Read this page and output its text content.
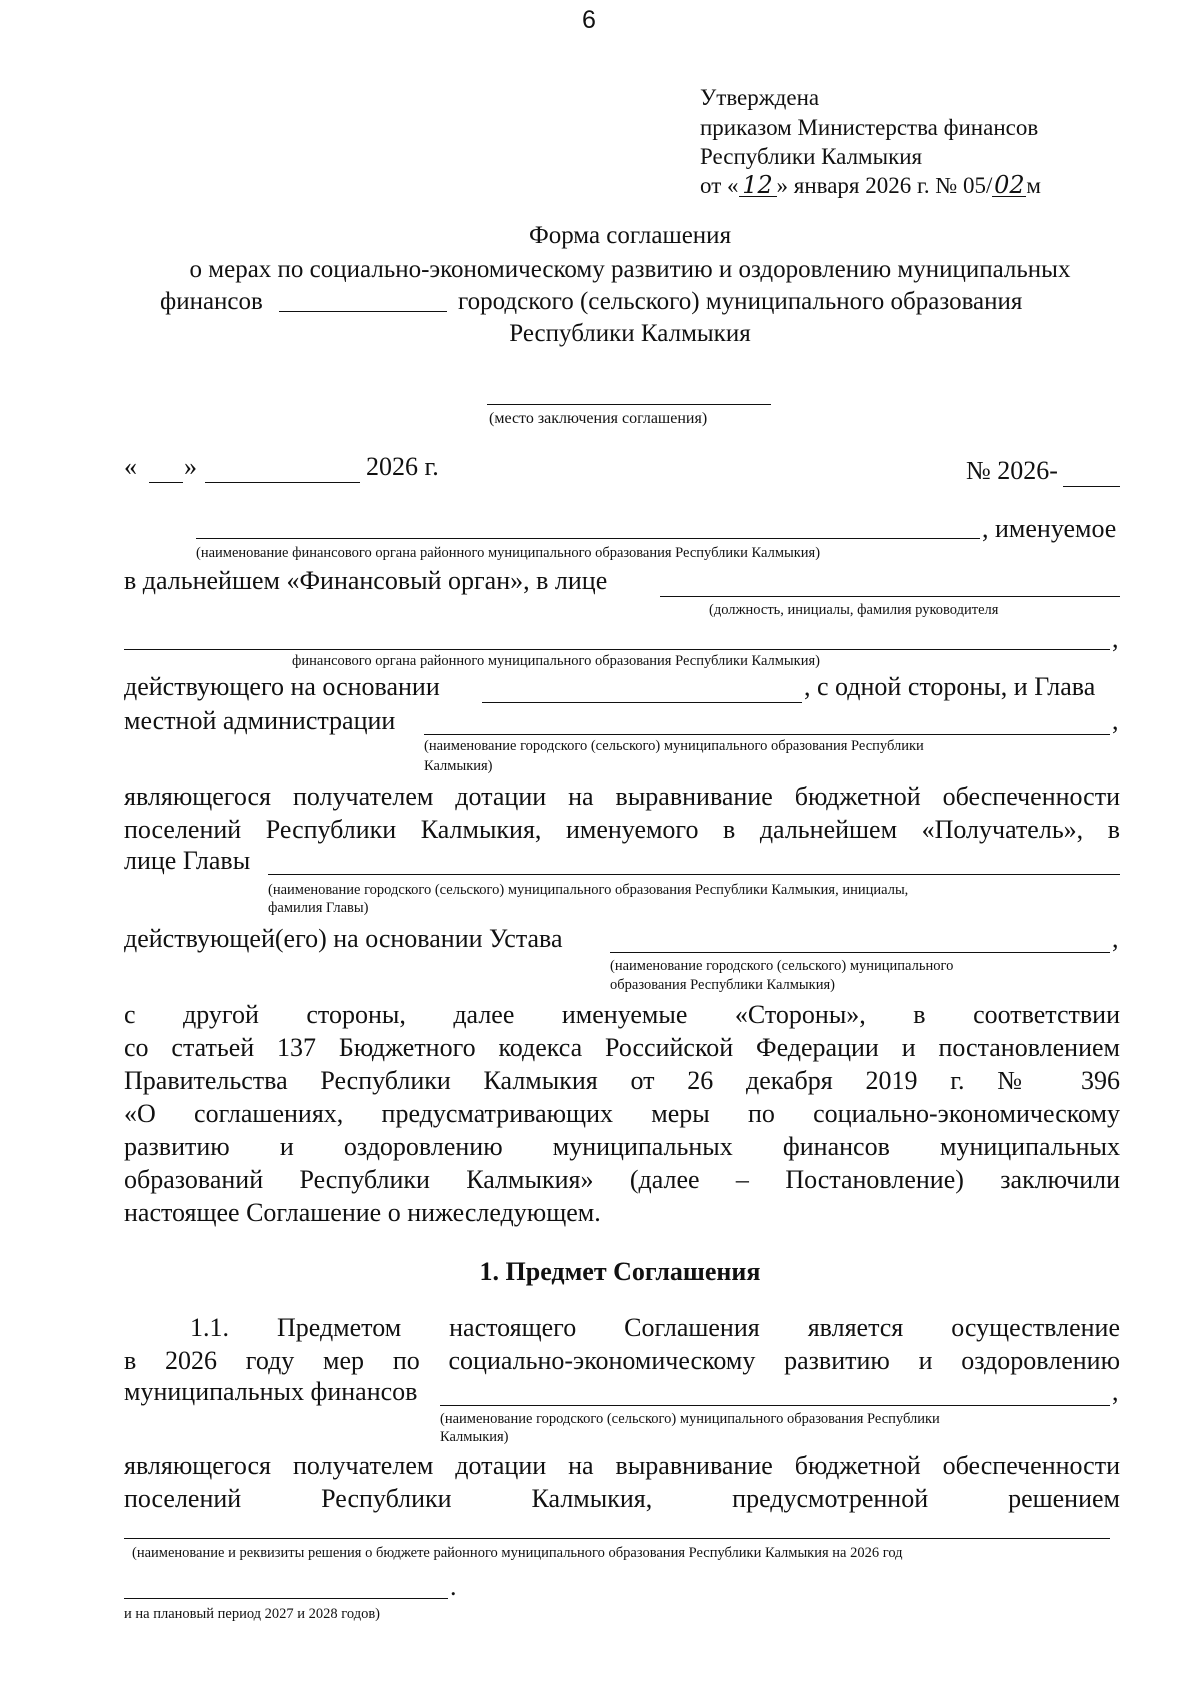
6
Утверждена
приказом Министерства финансов
Республики Калмыкия
от « 12 » января 2026 г. № 05/02м
Форма соглашения
о мерах по социально-экономическому развитию и оздоровлению муниципальных
финансов	городского (сельского) муниципального образования
Республики Калмыкия
(место заключения соглашения)
« »	2026 г.	№ 2026-
, именуемое
(наименование финансового органа районного муниципального образования Республики Калмыкия)
в дальнейшем «Финансовый орган», в лице
(должность, инициалы, фамилия руководителя
,
финансового органа районного муниципального образования Республики Калмыкия)
действующего на основании	, с одной стороны, и Глава
местной администрации	,
(наименование городского (сельского) муниципального образования Республики
Калмыкия)
являющегося получателем дотации на выравнивание бюджетной обеспеченности
поселений Республики Калмыкия, именуемого в дальнейшем «Получатель», в
лице Главы
(наименование городского (сельского) муниципального образования Республики Калмыкия, инициалы,
фамилия Главы)
действующей(его) на основании Устава	,
(наименование городского (сельского) муниципального
образования Республики Калмыкия)
с другой стороны, далее именуемые «Стороны», в соответствии
со статьей 137 Бюджетного кодекса Российской Федерации и постановлением
Правительства Республики Калмыкия от 26 декабря 2019 г. № 396
«О соглашениях, предусматривающих меры по социально-экономическому
развитию и оздоровлению муниципальных финансов муниципальных
образований Республики Калмыкия» (далее – Постановление) заключили
настоящее Соглашение о нижеследующем.
1. Предмет Соглашения
1.1. Предметом настоящего Соглашения является осуществление
в 2026 году мер по социально-экономическому развитию и оздоровлению
муниципальных финансов	,
(наименование городского (сельского) муниципального образования Республики
Калмыкия)
являющегося получателем дотации на выравнивание бюджетной обеспеченности
поселений Республики Калмыкия, предусмотренной решением
(наименование и реквизиты решения о бюджете районного муниципального образования Республики Калмыкия на 2026 год
.
и на плановый период 2027 и 2028 годов)
